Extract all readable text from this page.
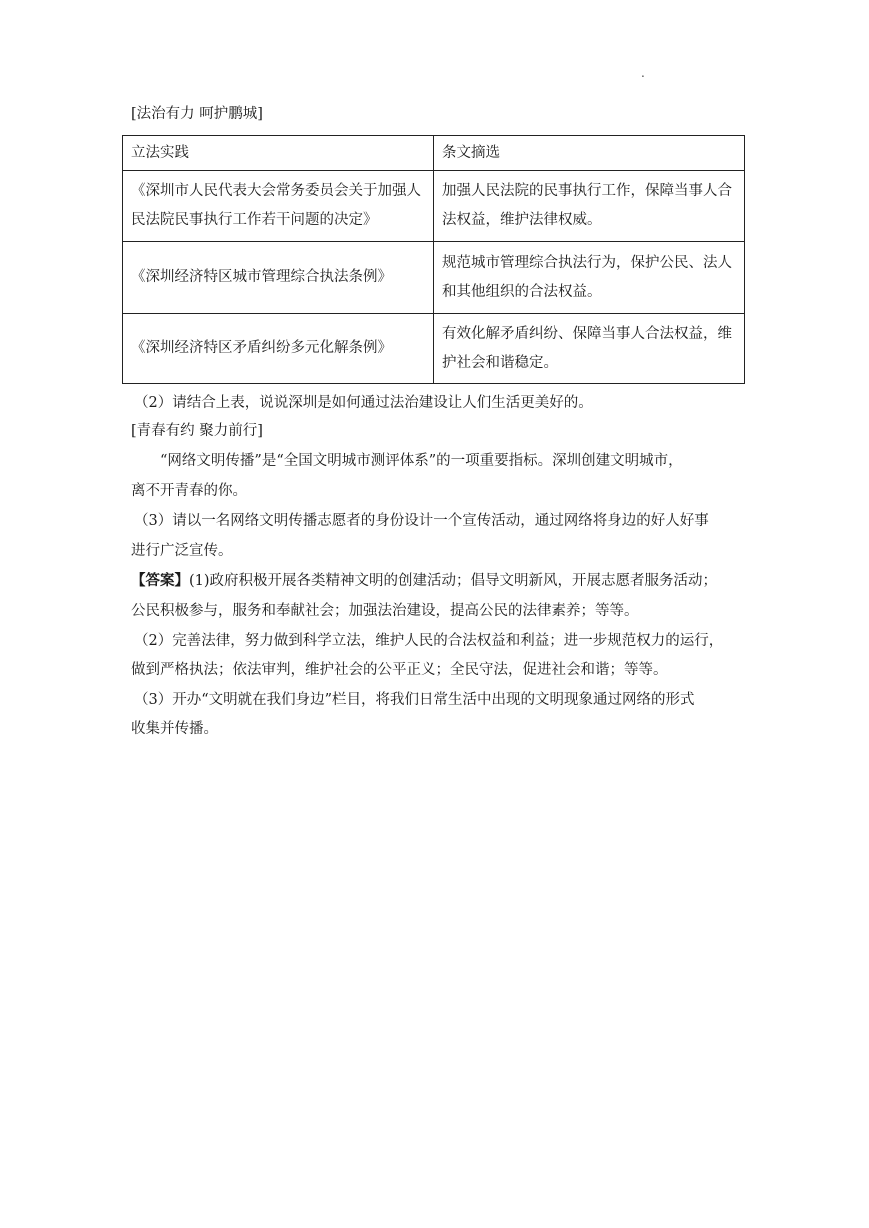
.
[法治有力 呵护鹏城]
立法实践	条文摘选
《深圳市人民代表大会常务委员会关于加强人民法院民事执行工作若干问题的决定》	加强人民法院的民事执行工作，保障当事人合法权益，维护法律权威。
《深圳经济特区城市管理综合执法条例》	规范城市管理综合执法行为，保护公民、法人和其他组织的合法权益。
《深圳经济特区矛盾纠纷多元化解条例》	有效化解矛盾纠纷、保障当事人合法权益，维护社会和谐稳定。
（2）请结合上表，说说深圳是如何通过法治建设让人们生活更美好的。
[青春有约 聚力前行]
“网络文明传播”是“全国文明城市测评体系”的一项重要指标。深圳创建文明城市，
离不开青春的你。
（3）请以一名网络文明传播志愿者的身份设计一个宣传活动，通过网络将身边的好人好事
进行广泛宣传。
【答案】(1)政府积极开展各类精神文明的创建活动；倡导文明新风，开展志愿者服务活动；
公民积极参与，服务和奉献社会；加强法治建设，提高公民的法律素养；等等。
（2）完善法律，努力做到科学立法，维护人民的合法权益和利益；进一步规范权力的运行，
做到严格执法；依法审判，维护社会的公平正义；全民守法，促进社会和谐；等等。
（3）开办“文明就在我们身边”栏目，将我们日常生活中出现的文明现象通过网络的形式
收集并传播。
